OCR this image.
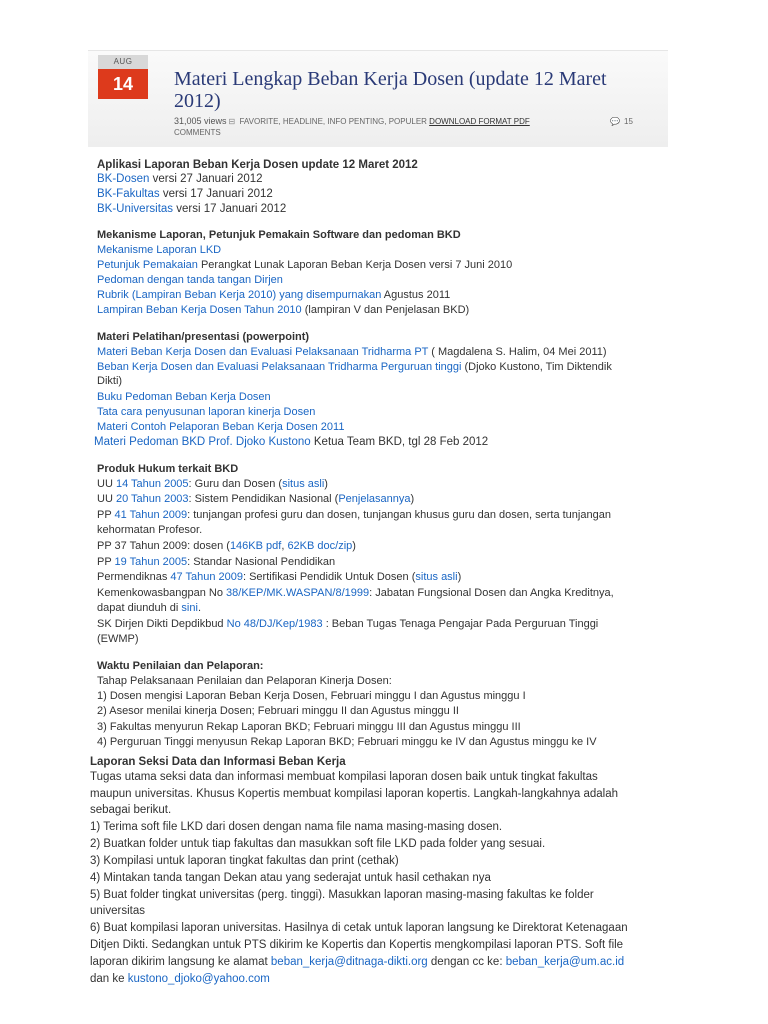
AUG
14	Materi Lengkap Beban Kerja Dosen (update 12 Maret 2012)
31,005 views ⊟ FAVORITE, HEADLINE, INFO PENTING, POPULER DOWNLOAD FORMAT PDF	💬 15

COMMENTS
Aplikasi Laporan Beban Kerja Dosen update 12 Maret 2012
BK-Dosen versi 27 Januari 2012
BK-Fakultas versi 17 Januari 2012
BK-Universitas versi 17 Januari 2012
Mekanisme Laporan, Petunjuk Pemakain Software dan pedoman BKD
Mekanisme Laporan LKD
Petunjuk Pemakaian Perangkat Lunak Laporan Beban Kerja Dosen versi 7 Juni 2010
Pedoman dengan tanda tangan Dirjen
Rubrik (Lampiran Beban Kerja 2010) yang disempurnakan Agustus 2011
Lampiran Beban Kerja Dosen Tahun 2010 (lampiran V dan Penjelasan BKD)
Materi Pelatihan/presentasi (powerpoint)
Materi Beban Kerja Dosen dan Evaluasi Pelaksanaan Tridharma PT ( Magdalena S. Halim, 04 Mei 2011)
Beban Kerja Dosen dan Evaluasi Pelaksanaan Tridharma Perguruan tinggi (Djoko Kustono, Tim Diktendik
Dikti)
Buku Pedoman Beban Kerja Dosen
Tata cara penyusunan laporan kinerja Dosen
Materi Contoh Pelaporan Beban Kerja Dosen 2011
Materi Pedoman BKD Prof. Djoko Kustono Ketua Team BKD, tgl 28 Feb 2012
Produk Hukum terkait BKD
UU 14 Tahun 2005: Guru dan Dosen (situs asli)
UU 20 Tahun 2003: Sistem Pendidikan Nasional (Penjelasannya)
PP 41 Tahun 2009: tunjangan profesi guru dan dosen, tunjangan khusus guru dan dosen, serta tunjangan
kehormatan Profesor.
PP 37 Tahun 2009: dosen (146KB pdf, 62KB doc/zip)
PP 19 Tahun 2005: Standar Nasional Pendidikan
Permendiknas 47 Tahun 2009: Sertifikasi Pendidik Untuk Dosen (situs asli)
Kemenkowasbangpan No 38/KEP/MK.WASPAN/8/1999: Jabatan Fungsional Dosen dan Angka Kreditnya,
dapat diunduh di sini.
SK Dirjen Dikti Depdikbud No 48/DJ/Kep/1983 : Beban Tugas Tenaga Pengajar Pada Perguruan Tinggi
(EWMP)
Waktu Penilaian dan Pelaporan:
Tahap Pelaksanaan Penilaian dan Pelaporan Kinerja Dosen:
1) Dosen mengisi Laporan Beban Kerja Dosen, Februari minggu I dan Agustus minggu I
2) Asesor menilai kinerja Dosen; Februari minggu II dan Agustus minggu II
3) Fakultas menyurun Rekap Laporan BKD; Februari minggu III dan Agustus minggu III
4) Perguruan Tinggi menyusun Rekap Laporan BKD; Februari minggu ke IV dan Agustus minggu ke IV
Laporan Seksi Data dan Informasi Beban Kerja
Tugas utama seksi data dan informasi membuat kompilasi laporan dosen baik untuk tingkat fakultas
maupun universitas. Khusus Kopertis membuat kompilasi laporan kopertis. Langkah-langkahnya adalah
sebagai berikut.
1) Terima soft file LKD dari dosen dengan nama file nama masing-masing dosen.
2) Buatkan folder untuk tiap fakultas dan masukkan soft file LKD pada folder yang sesuai.
3) Kompilasi untuk laporan tingkat fakultas dan print (cethak)
4) Mintakan tanda tangan Dekan atau yang sederajat untuk hasil cethakan nya
5) Buat folder tingkat universitas (perg. tinggi). Masukkan laporan masing-masing fakultas ke folder
universitas
6) Buat kompilasi laporan universitas. Hasilnya di cetak untuk laporan langsung ke Direktorat Ketenagaan
Ditjen Dikti. Sedangkan untuk PTS dikirim ke Kopertis dan Kopertis mengkompilasi laporan PTS. Soft file
laporan dikirim langsung ke alamat beban_kerja@ditnaga-dikti.org dengan cc ke: beban_kerja@um.ac.id
dan ke kustono_djoko@yahoo.com
